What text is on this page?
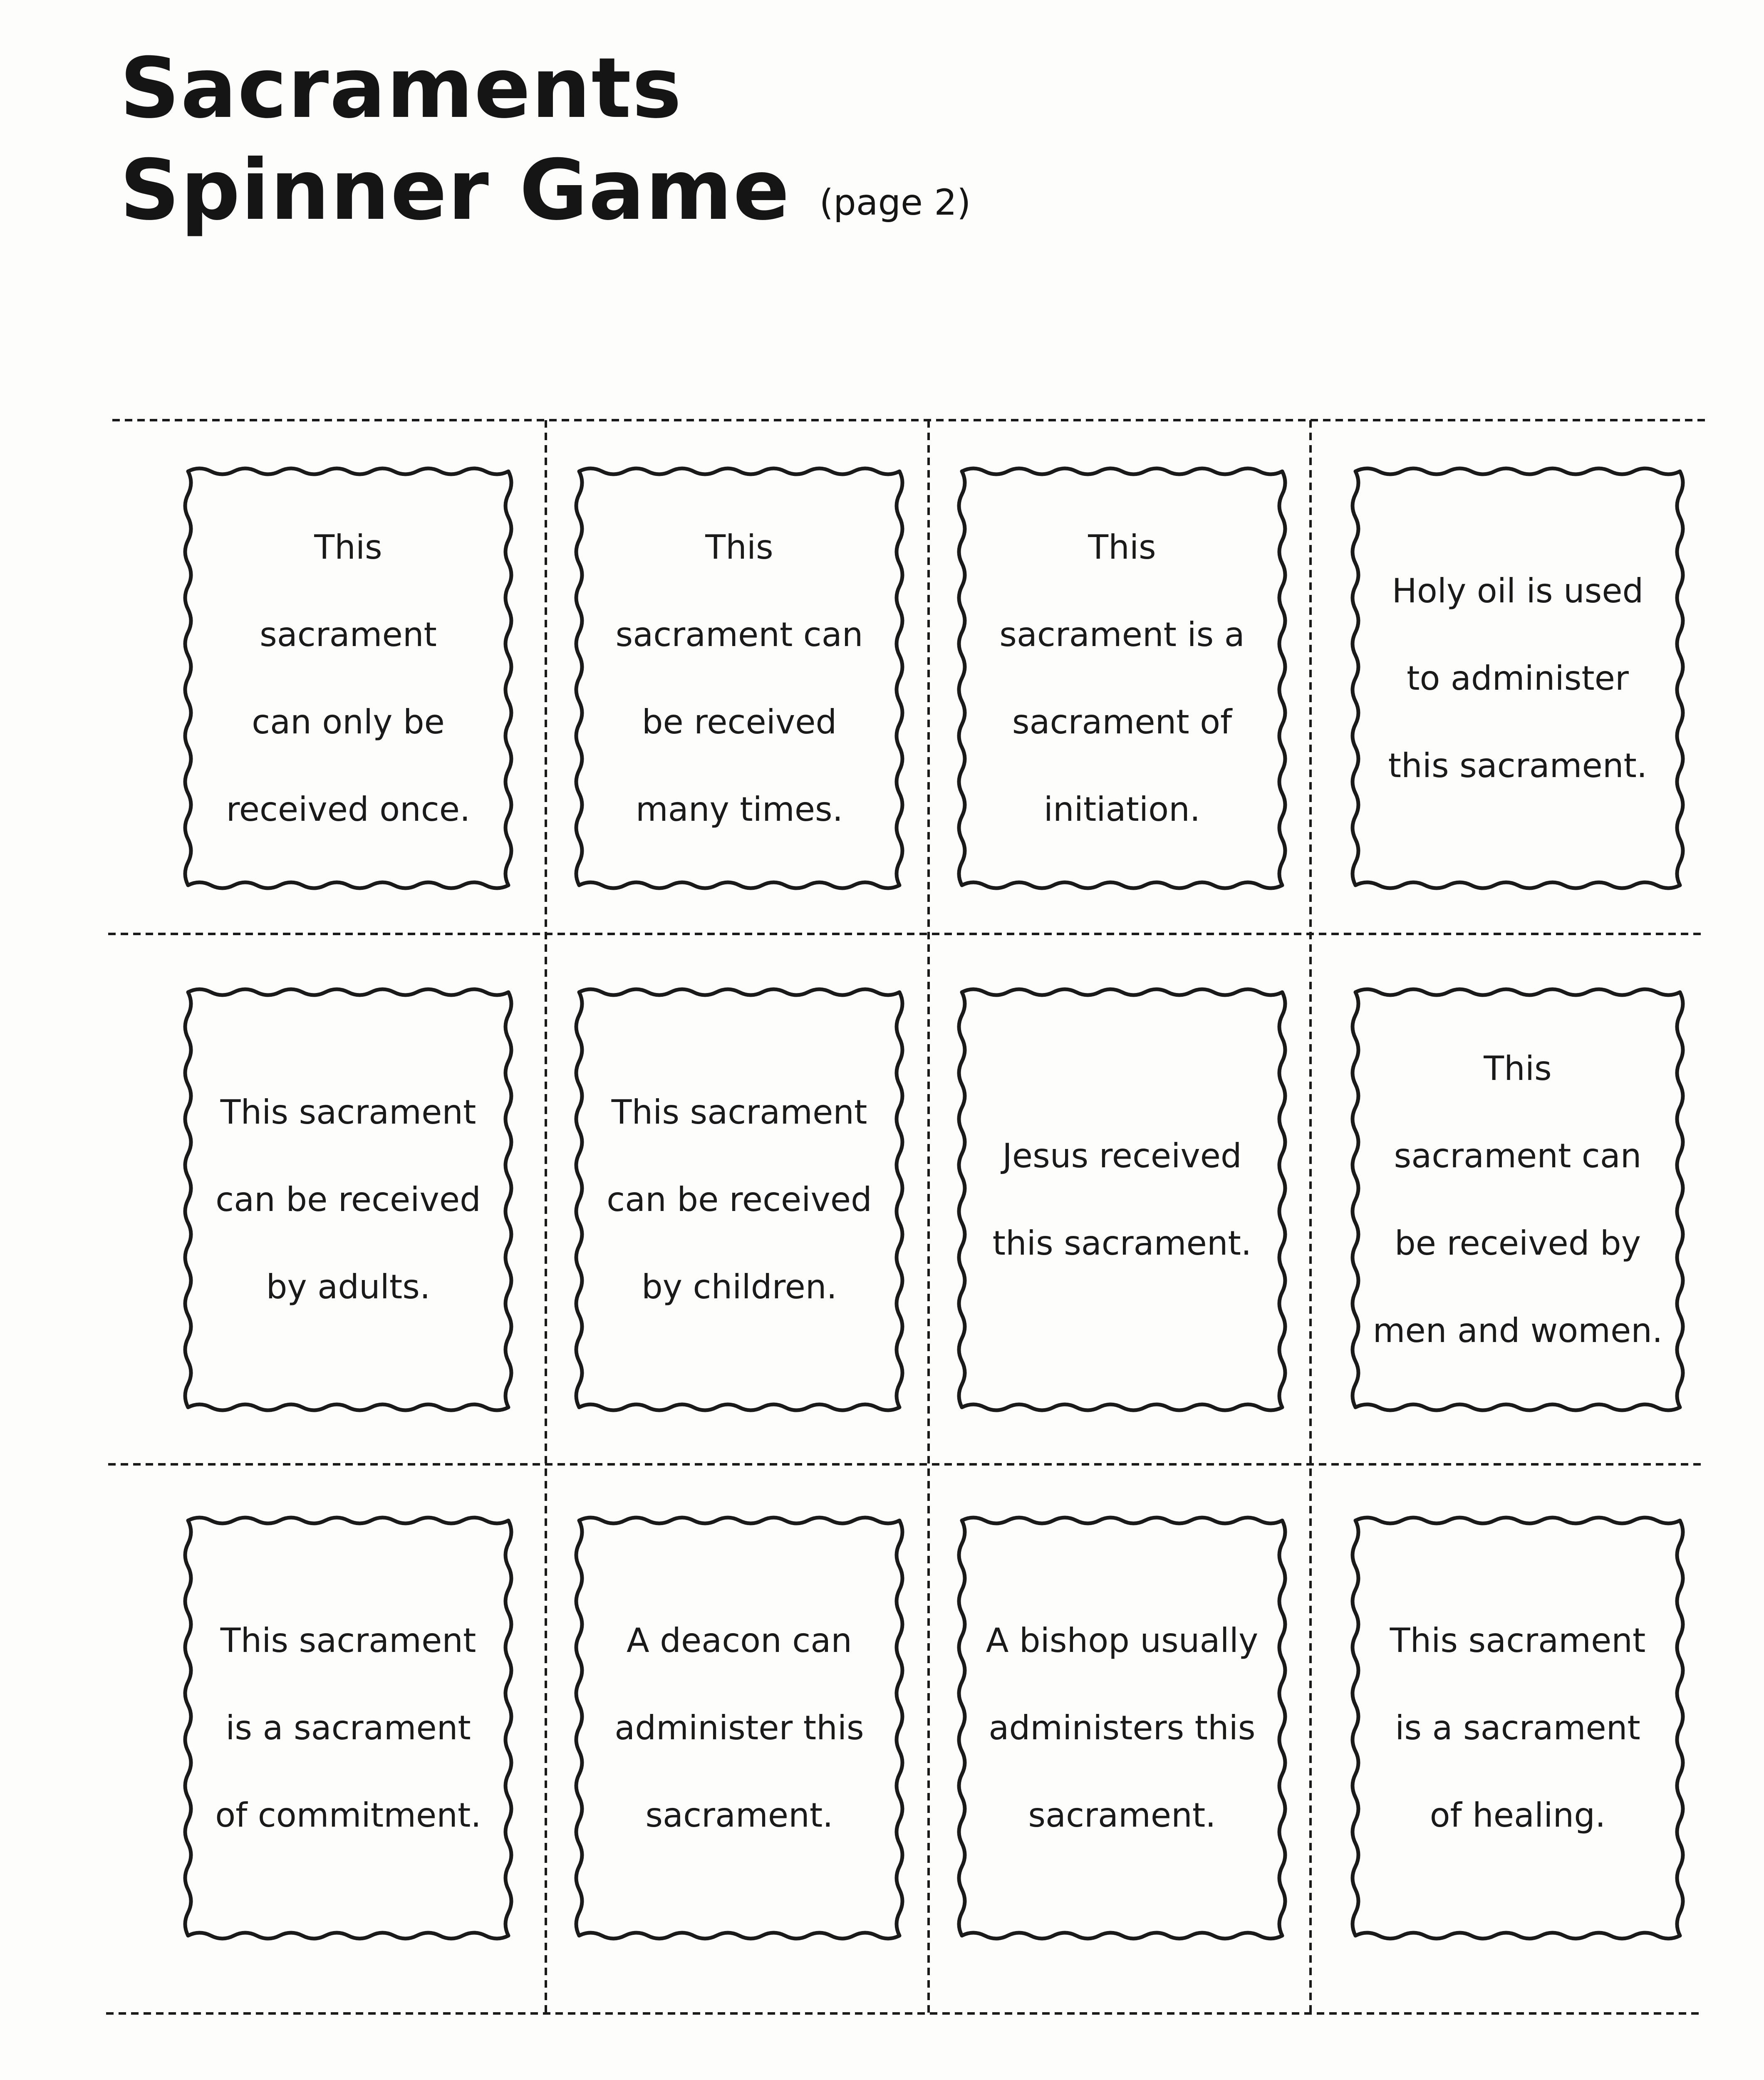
Sacraments
Spinner Game (page 2)
This
sacrament
can only be
received once.
This
sacrament can
be received
many times.
This
sacrament is a
sacrament of
initiation.
Holy oil is used
to administer
this sacrament.
This sacrament
can be received
by adults.
This sacrament
can be received
by children.
Jesus received
this sacrament.
This
sacrament can
be received by
men and women.
This sacrament
is a sacrament
of commitment.
A deacon can
administer this
sacrament.
A bishop usually
administers this
sacrament.
This sacrament
is a sacrament
of healing.
